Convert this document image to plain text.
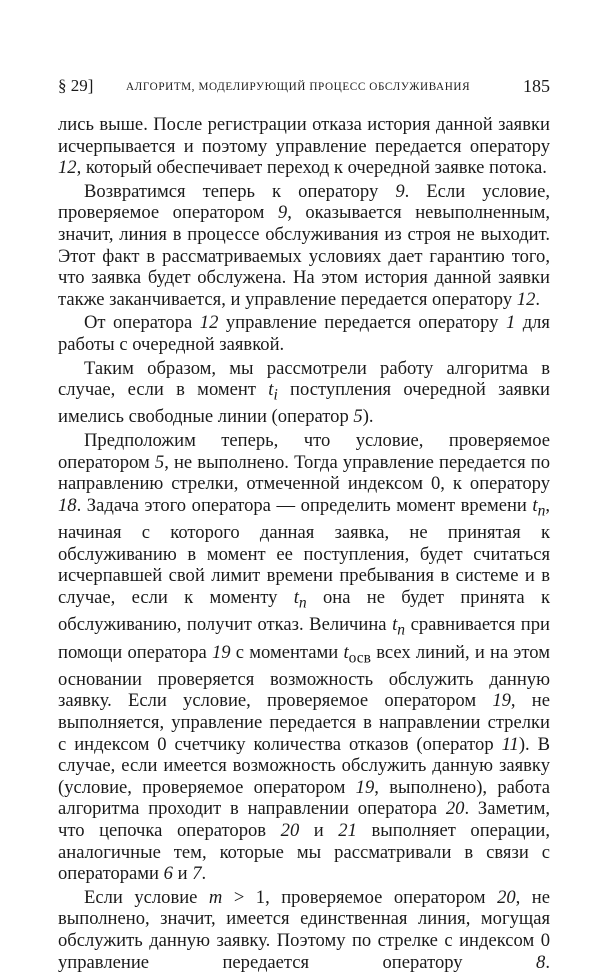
§ 29]	АЛГОРИТМ, МОДЕЛИРУЮЩИЙ ПРОЦЕСС ОБСЛУЖИВАНИЯ	185

лись выше. После регистрации отказа история данной заявки исчерпывается и поэтому управление передается оператору 12, который обеспечивает переход к очередной заявке потока.

Возвратимся теперь к оператору 9. Если условие, проверяемое оператором 9, оказывается невыполненным, значит, линия в процессе обслуживания из строя не выходит. Этот факт в рассматриваемых условиях дает гарантию того, что заявка будет обслужена. На этом история данной заявки также заканчивается, и управление передается оператору 12.

От оператора 12 управление передается оператору 1 для работы с очередной заявкой.

Таким образом, мы рассмотрели работу алгоритма в случае, если в момент $t_i$ поступления очередной заявки имелись свободные линии (оператор 5).

Предположим теперь, что условие, проверяемое оператором 5, не выполнено. Тогда управление передается по направлению стрелки, отмеченной индексом 0, к оператору 18. Задача этого оператора — определить момент времени $t_n$, начиная с которого данная заявка, не принятая к обслуживанию в момент ее поступления, будет считаться исчерпавшей свой лимит времени пребывания в системе и в случае, если к моменту $t_n$ она не будет принята к обслуживанию, получит отказ. Величина $t_n$ сравнивается при помощи оператора 19 с моментами $t_{осв}$ всех линий, и на этом основании проверяется возможность обслужить данную заявку. Если условие, проверяемое оператором 19, не выполняется, управление передается в направлении стрелки с индексом 0 счетчику количества отказов (оператор 11). В случае, если имеется возможность обслужить данную заявку (условие, проверяемое оператором 19, выполнено), работа алгоритма проходит в направлении оператора 20. Заметим, что цепочка операторов 20 и 21 выполняет операции, аналогичные тем, которые мы рассматривали в связи с операторами 6 и 7.

Если условие m > 1, проверяемое оператором 20, не выполнено, значит, имеется единственная линия, могущая обслужить данную заявку. Поэтому по стрелке с индексом 0 управление передается оператору 8.
